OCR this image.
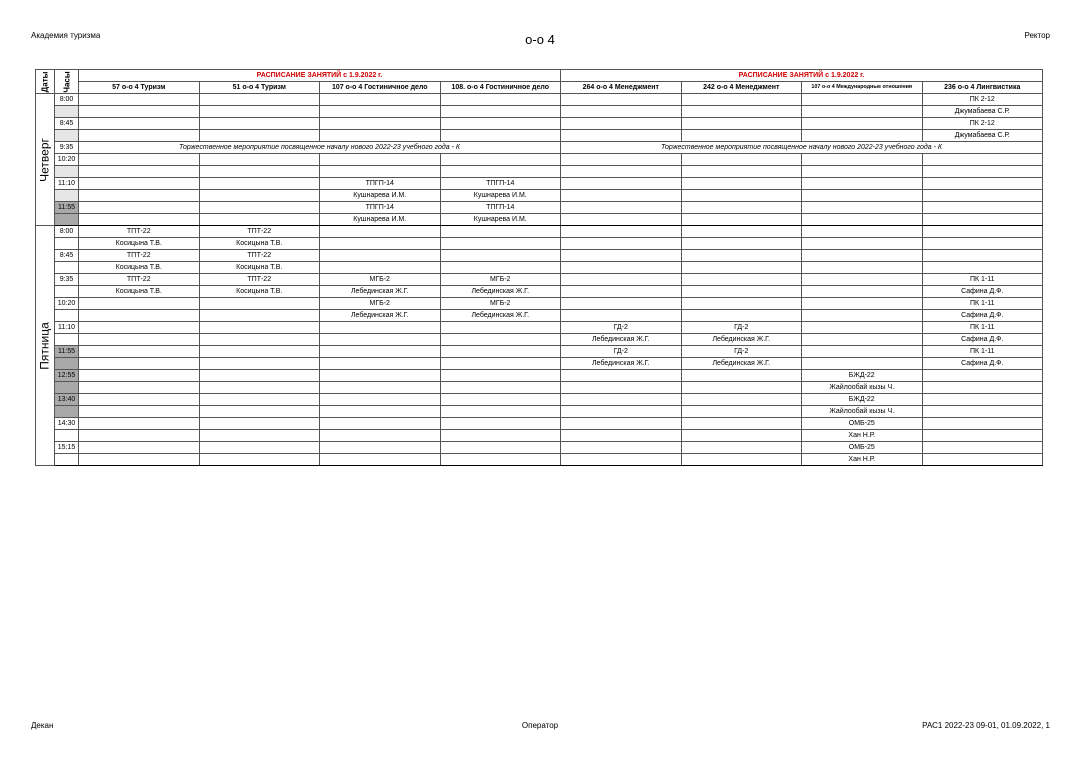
Академия туризма	о-о 4	Ректор
Даты	Часы	РАСПИСАНИЕ ЗАНЯТИЙ с 1.9.2022 г.				РАСПИСАНИЕ ЗАНЯТИЙ с 1.9.2022 г.			
		57 о-о 4 Туризм	51 о-о 4 Туризм	107 о-о 4 Гостиничное дело	108. о-о 4 Гостиничное дело	264 о-о 4 Менеджмент	242 о-о 4 Менеджмент	107 о-о 4 Международные отношения	236 о-о 4 Лингвистика

Четверг	8:00								ПК 2-12
									Джумабаева С.Р.
	8:45								ПК 2-12
									Джумабаева С.Р.
	9:35	Торжественное мероприятие посвященное началу нового 2022-23 учебного года - К				Торжественное мероприятие посвященное началу нового 2022-23 учебного года - К			
	10:20								

	11:10			ТПГП-14	ТПГП-14				
				Кушнарева И.М.	Кушнарева И.М.				
	11:55			ТПГП-14	ТПГП-14				
				Кушнарева И.М.	Кушнарева И.М.				

Пятница	8:00	ТПТ-22	ТПТ-22						
		Косицына Т.В.	Косицына Т.В.						
	8:45	ТПТ-22	ТПТ-22						
		Косицына Т.В.	Косицына Т.В.						
	9:35	ТПТ-22	ТПТ-22	МГБ-2	МГБ-2				ПК 1-11
		Косицына Т.В.	Косицына Т.В.	Лебединская Ж.Г.	Лебединская Ж.Г.				Сафина Д.Ф.
	10:20			МГБ-2	МГБ-2				ПК 1-11
				Лебединская Ж.Г.	Лебединская Ж.Г.				Сафина Д.Ф.
	11:10					ГД-2	ГД-2		ПК 1-11
						Лебединская Ж.Г.	Лебединская Ж.Г.		Сафина Д.Ф.
	11:55					ГД-2	ГД-2		ПК 1-11
						Лебединская Ж.Г.	Лебединская Ж.Г.		Сафина Д.Ф.
	12:55							БЖД-22	
								Жайлообай кызы Ч.	
	13:40							БЖД-22	
								Жайлообай кызы Ч.	
	14:30							ОМБ-25	
								Хан Н.Р.	
	15:15							ОМБ-25	
								Хан Н.Р.	
Декан	Оператор	РАС1 2022-23 09-01, 01.09.2022, 1
